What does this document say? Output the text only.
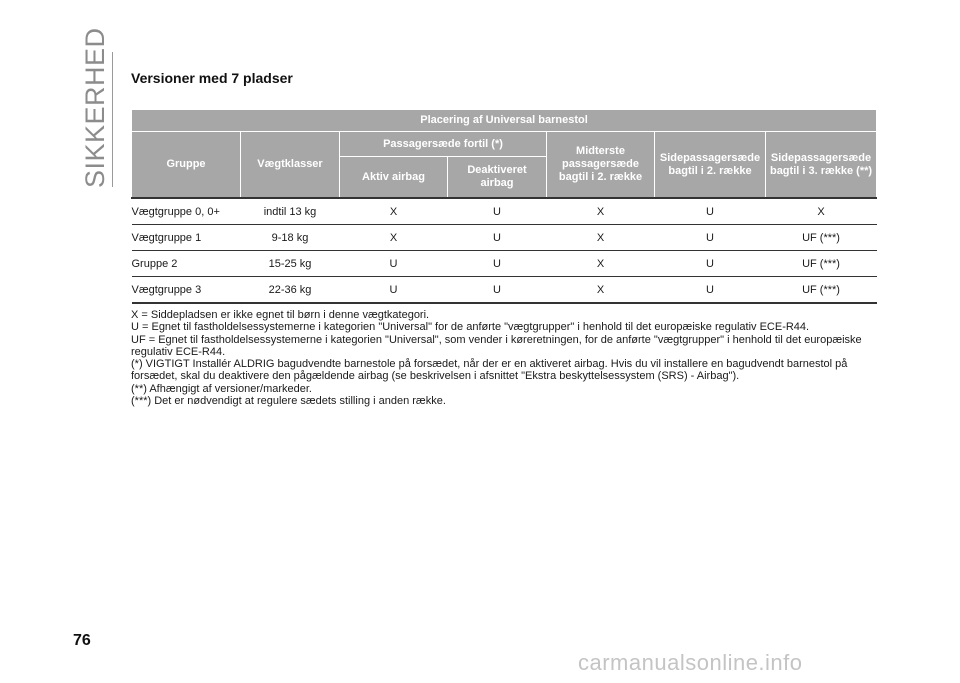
SIKKERHED Versioner med 7 pladser
Placering af Universal barnestol						
Gruppe	Vægtklasser	Passagersæde fortil (*)		Midterste passagersæde bagtil i 2. række	Sidepassagersæde bagtil i 2. række	Sidepassagersæde bagtil i 3. række (**)
		Aktiv airbag	Deaktiveret airbag			
Vægtgruppe 0, 0+	indtil 13 kg	X	U	X	U	X
Vægtgruppe 1	9-18 kg	X	U	X	U	UF (***)
Gruppe 2	15-25 kg	U	U	X	U	UF (***)
Vægtgruppe 3	22-36 kg	U	U	X	U	UF (***)

X = Siddepladsen er ikke egnet til børn i denne vægtkategori.

U = Egnet til fastholdelsessystemerne i kategorien "Universal" for de anførte "vægtgrupper" i henhold til det europæiske regulativ ECE-R44.

UF = Egnet til fastholdelsessystemerne i kategorien "Universal", som vender i køreretningen, for de anførte "vægtgrupper" i henhold til det europæiske regulativ ECE-R44.

(*) VIGTIGT Installér ALDRIG bagudvendte barnestole på forsædet, når der er en aktiveret airbag. Hvis du vil installere en bagudvendt barnestol på forsædet, skal du deaktivere den pågældende airbag (se beskrivelsen i afsnittet "Ekstra beskyttelsessystem (SRS) - Airbag").

(**) Afhængigt af versioner/markeder.

(***) Det er nødvendigt at regulere sædets stilling i anden række.

76
carmanualsonline.info
